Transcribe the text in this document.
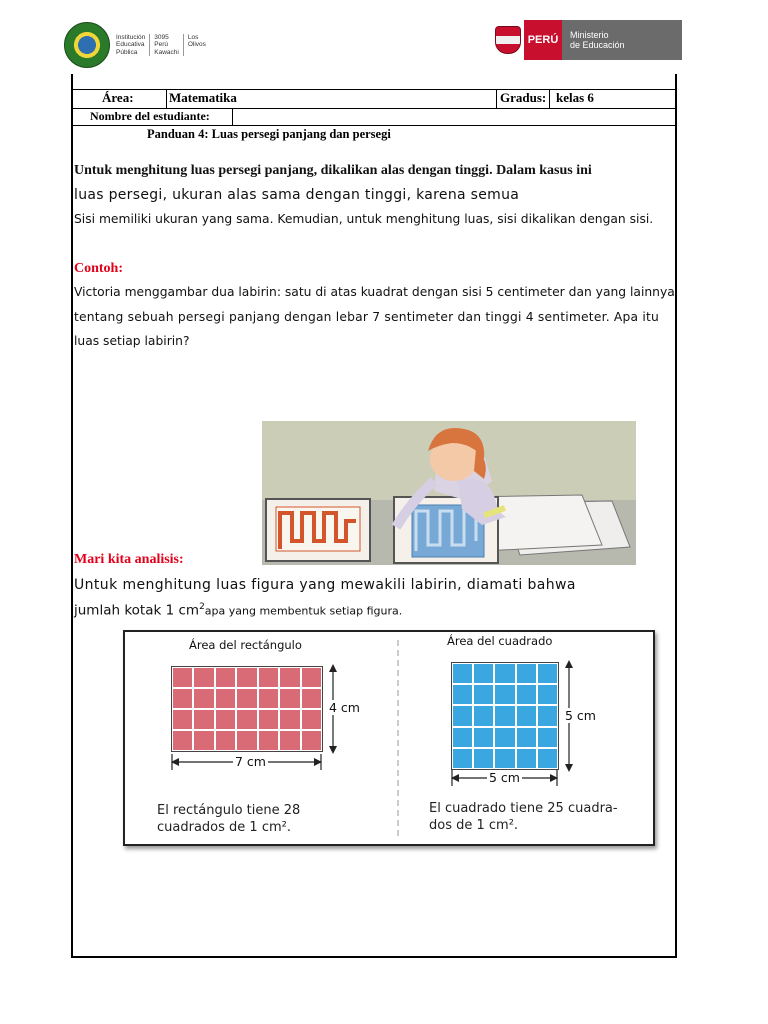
Institución
Educativa
Pública
3095
Perú
Kawachi
Los
Olivos	PERÚ	Ministerio
de Educación
Área:	Matematika	Gradus: kelas 6
Nombre del estudiante:
Panduan 4: Luas persegi panjang dan persegi
Untuk menghitung luas persegi panjang, dikalikan alas dengan tinggi. Dalam kasus ini
luas persegi, ukuran alas sama dengan tinggi, karena semua
Sisi memiliki ukuran yang sama. Kemudian, untuk menghitung luas, sisi dikalikan dengan sisi.
Contoh:
Victoria menggambar dua labirin: satu di atas kuadrat dengan sisi 5 centimeter dan yang lainnya
tentang sebuah persegi panjang dengan lebar 7 sentimeter dan tinggi 4 sentimeter. Apa itu
luas setiap labirin?
Mari kita analisis:
Untuk menghitung luas figura yang mewakili labirin, diamati bahwa
jumlah kotak 1 $cm^2apa$ yang membentuk setiap figura.
Área del rectángulo
4 cm
7 cm
El rectángulo tiene 28
cuadrados de 1 cm².
Área del cuadrado
5 cm
5 cm
El cuadrado tiene 25 cuadra-
dos de 1 cm².
